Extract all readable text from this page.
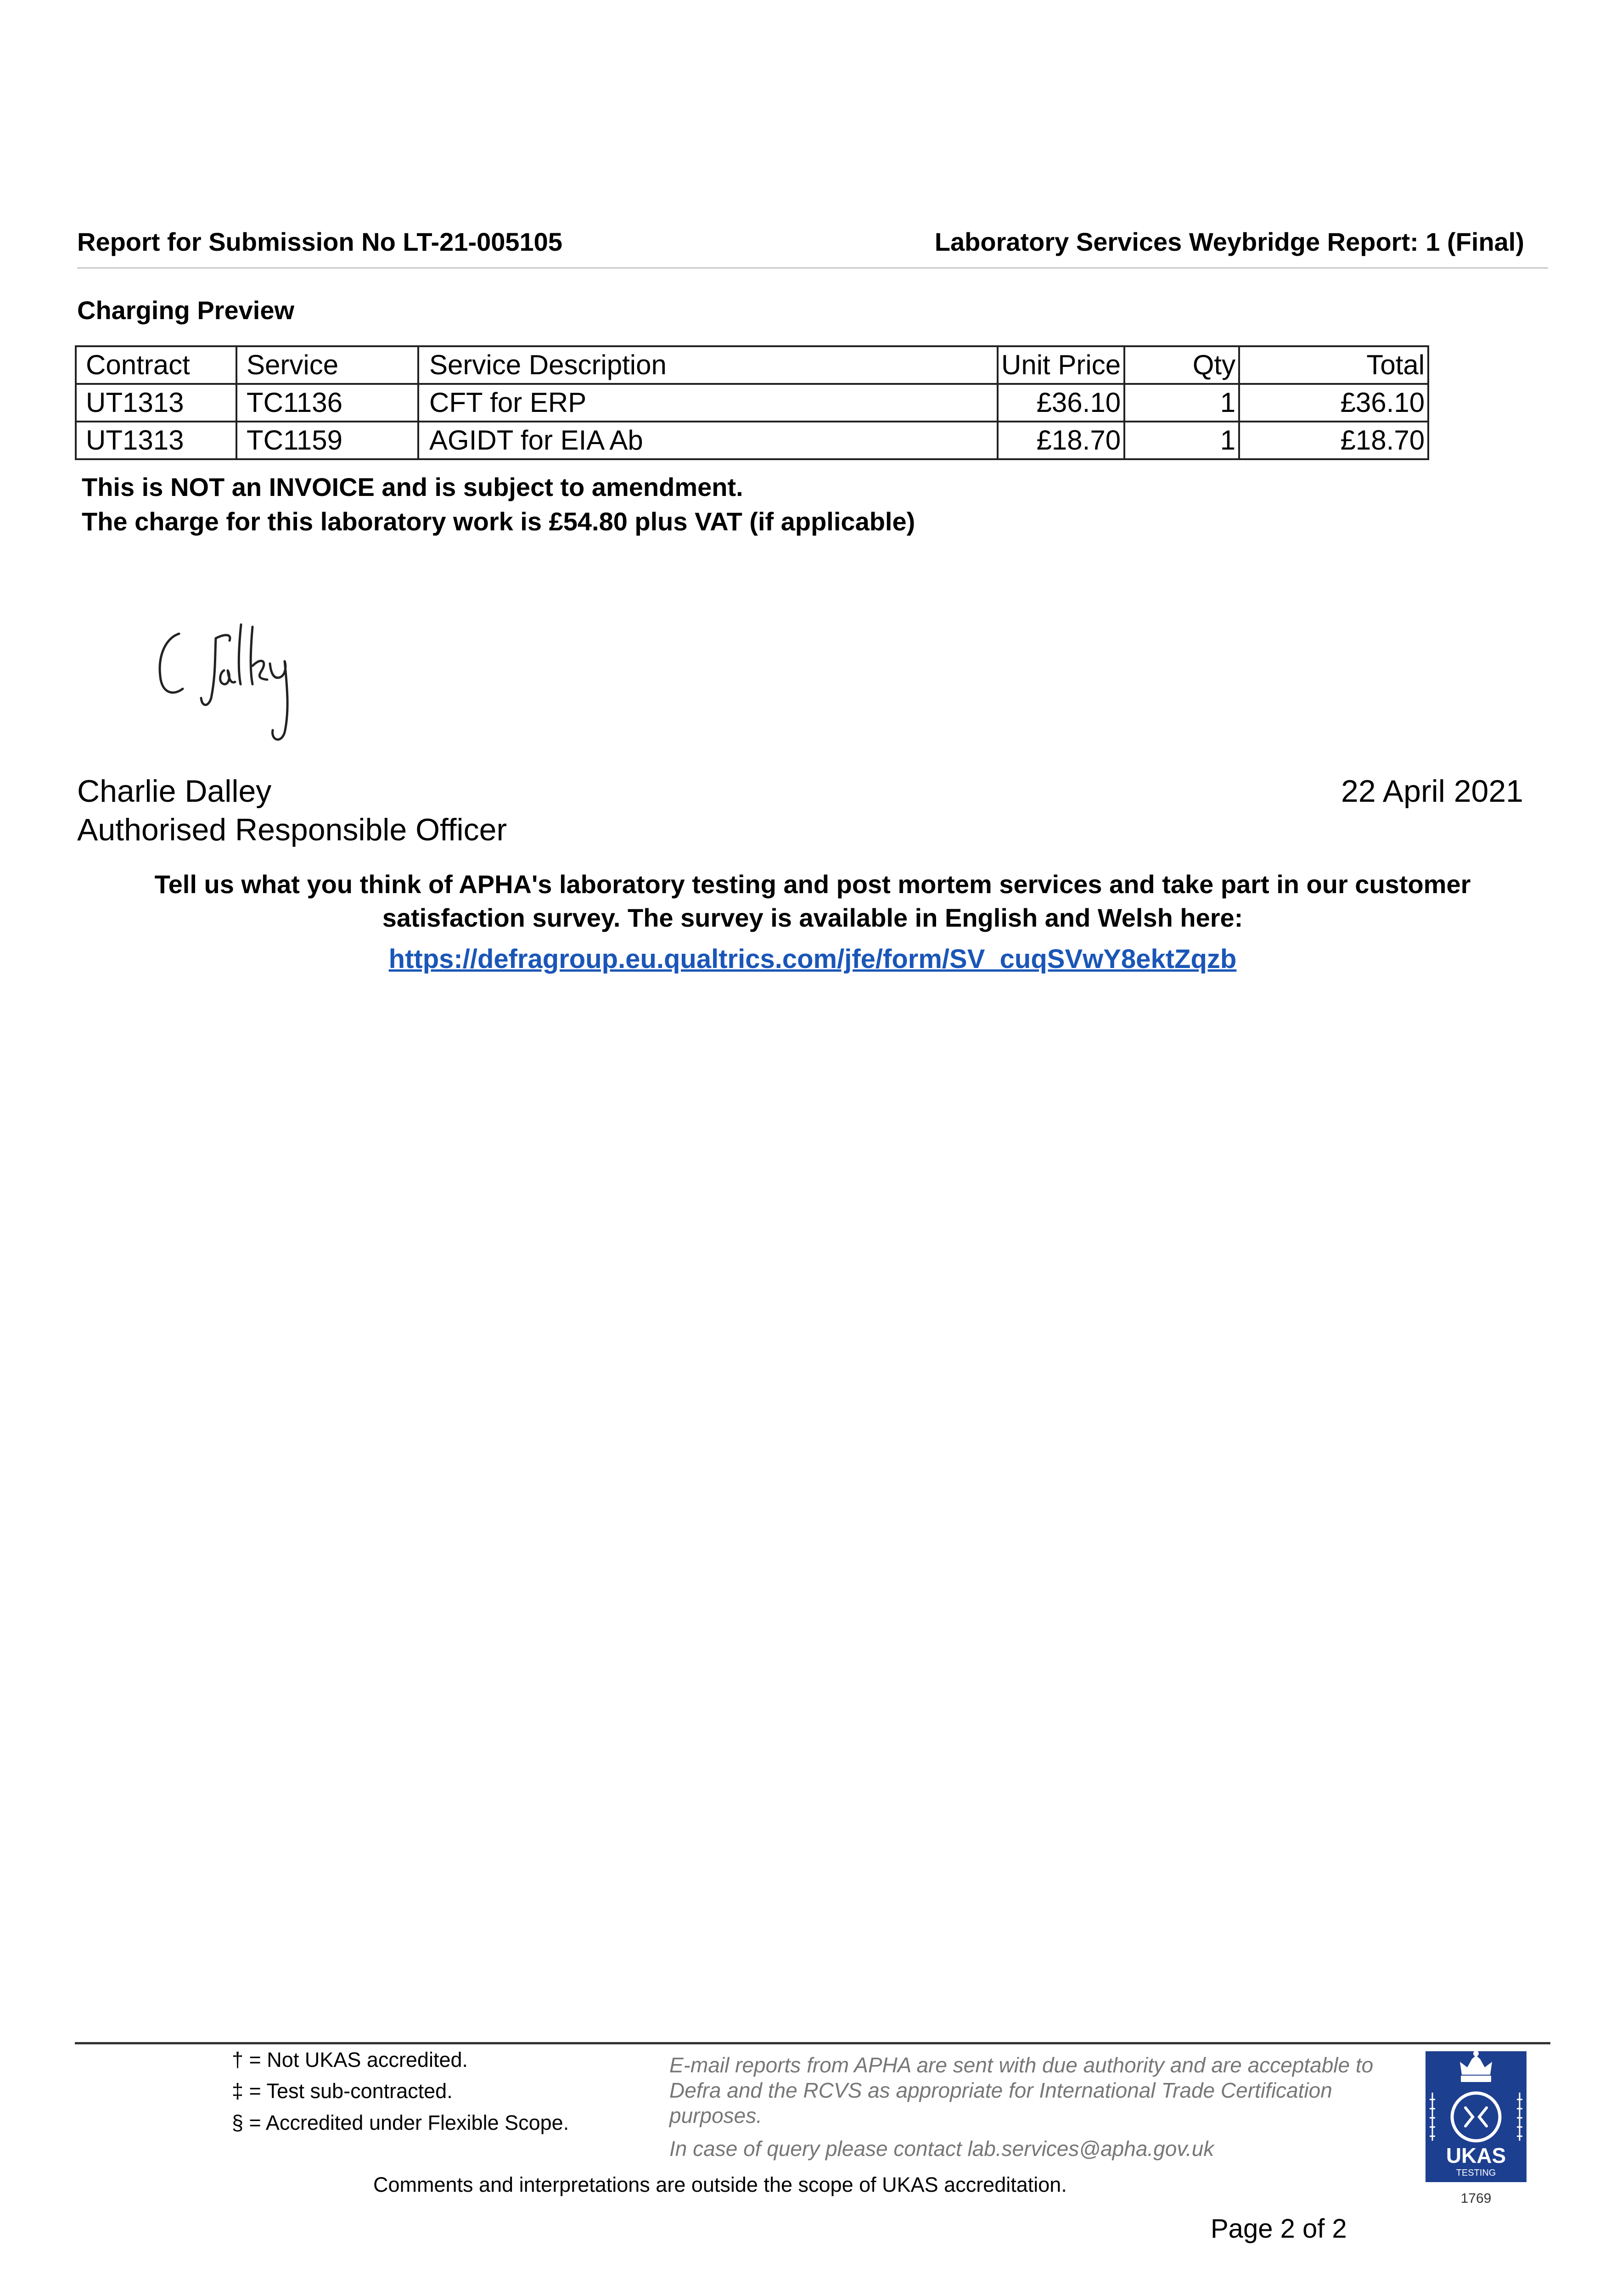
Report for Submission No LT-21-005105	Laboratory Services Weybridge Report: 1 (Final)
Charging Preview
Contract	Service	Service Description	Unit Price	Qty	Total
UT1313	TC1136	CFT for ERP	£36.10	1	£36.10
UT1313	TC1159	AGIDT for EIA Ab	£18.70	1	£18.70
This is NOT an INVOICE and is subject to amendment.
The charge for this laboratory work is £54.80 plus VAT (if applicable)
Charlie Dalley
Authorised Responsible Officer
22 April 2021
Tell us what you think of APHA's laboratory testing and post mortem services and take part in our customer
satisfaction survey. The survey is available in English and Welsh here:
https://defragroup.eu.qualtrics.com/jfe/form/SV_cuqSVwY8ektZqzb
† = Not UKAS accredited.
‡ = Test sub-contracted.
§ = Accredited under Flexible Scope.
E-mail reports from APHA are sent with due authority and are acceptable to Defra and the RCVS as appropriate for International Trade Certification purposes.
In case of query please contact lab.services@apha.gov.uk
Comments and interpretations are outside the scope of UKAS accreditation.
Page 2 of 2
UKAS
TESTING
1769
